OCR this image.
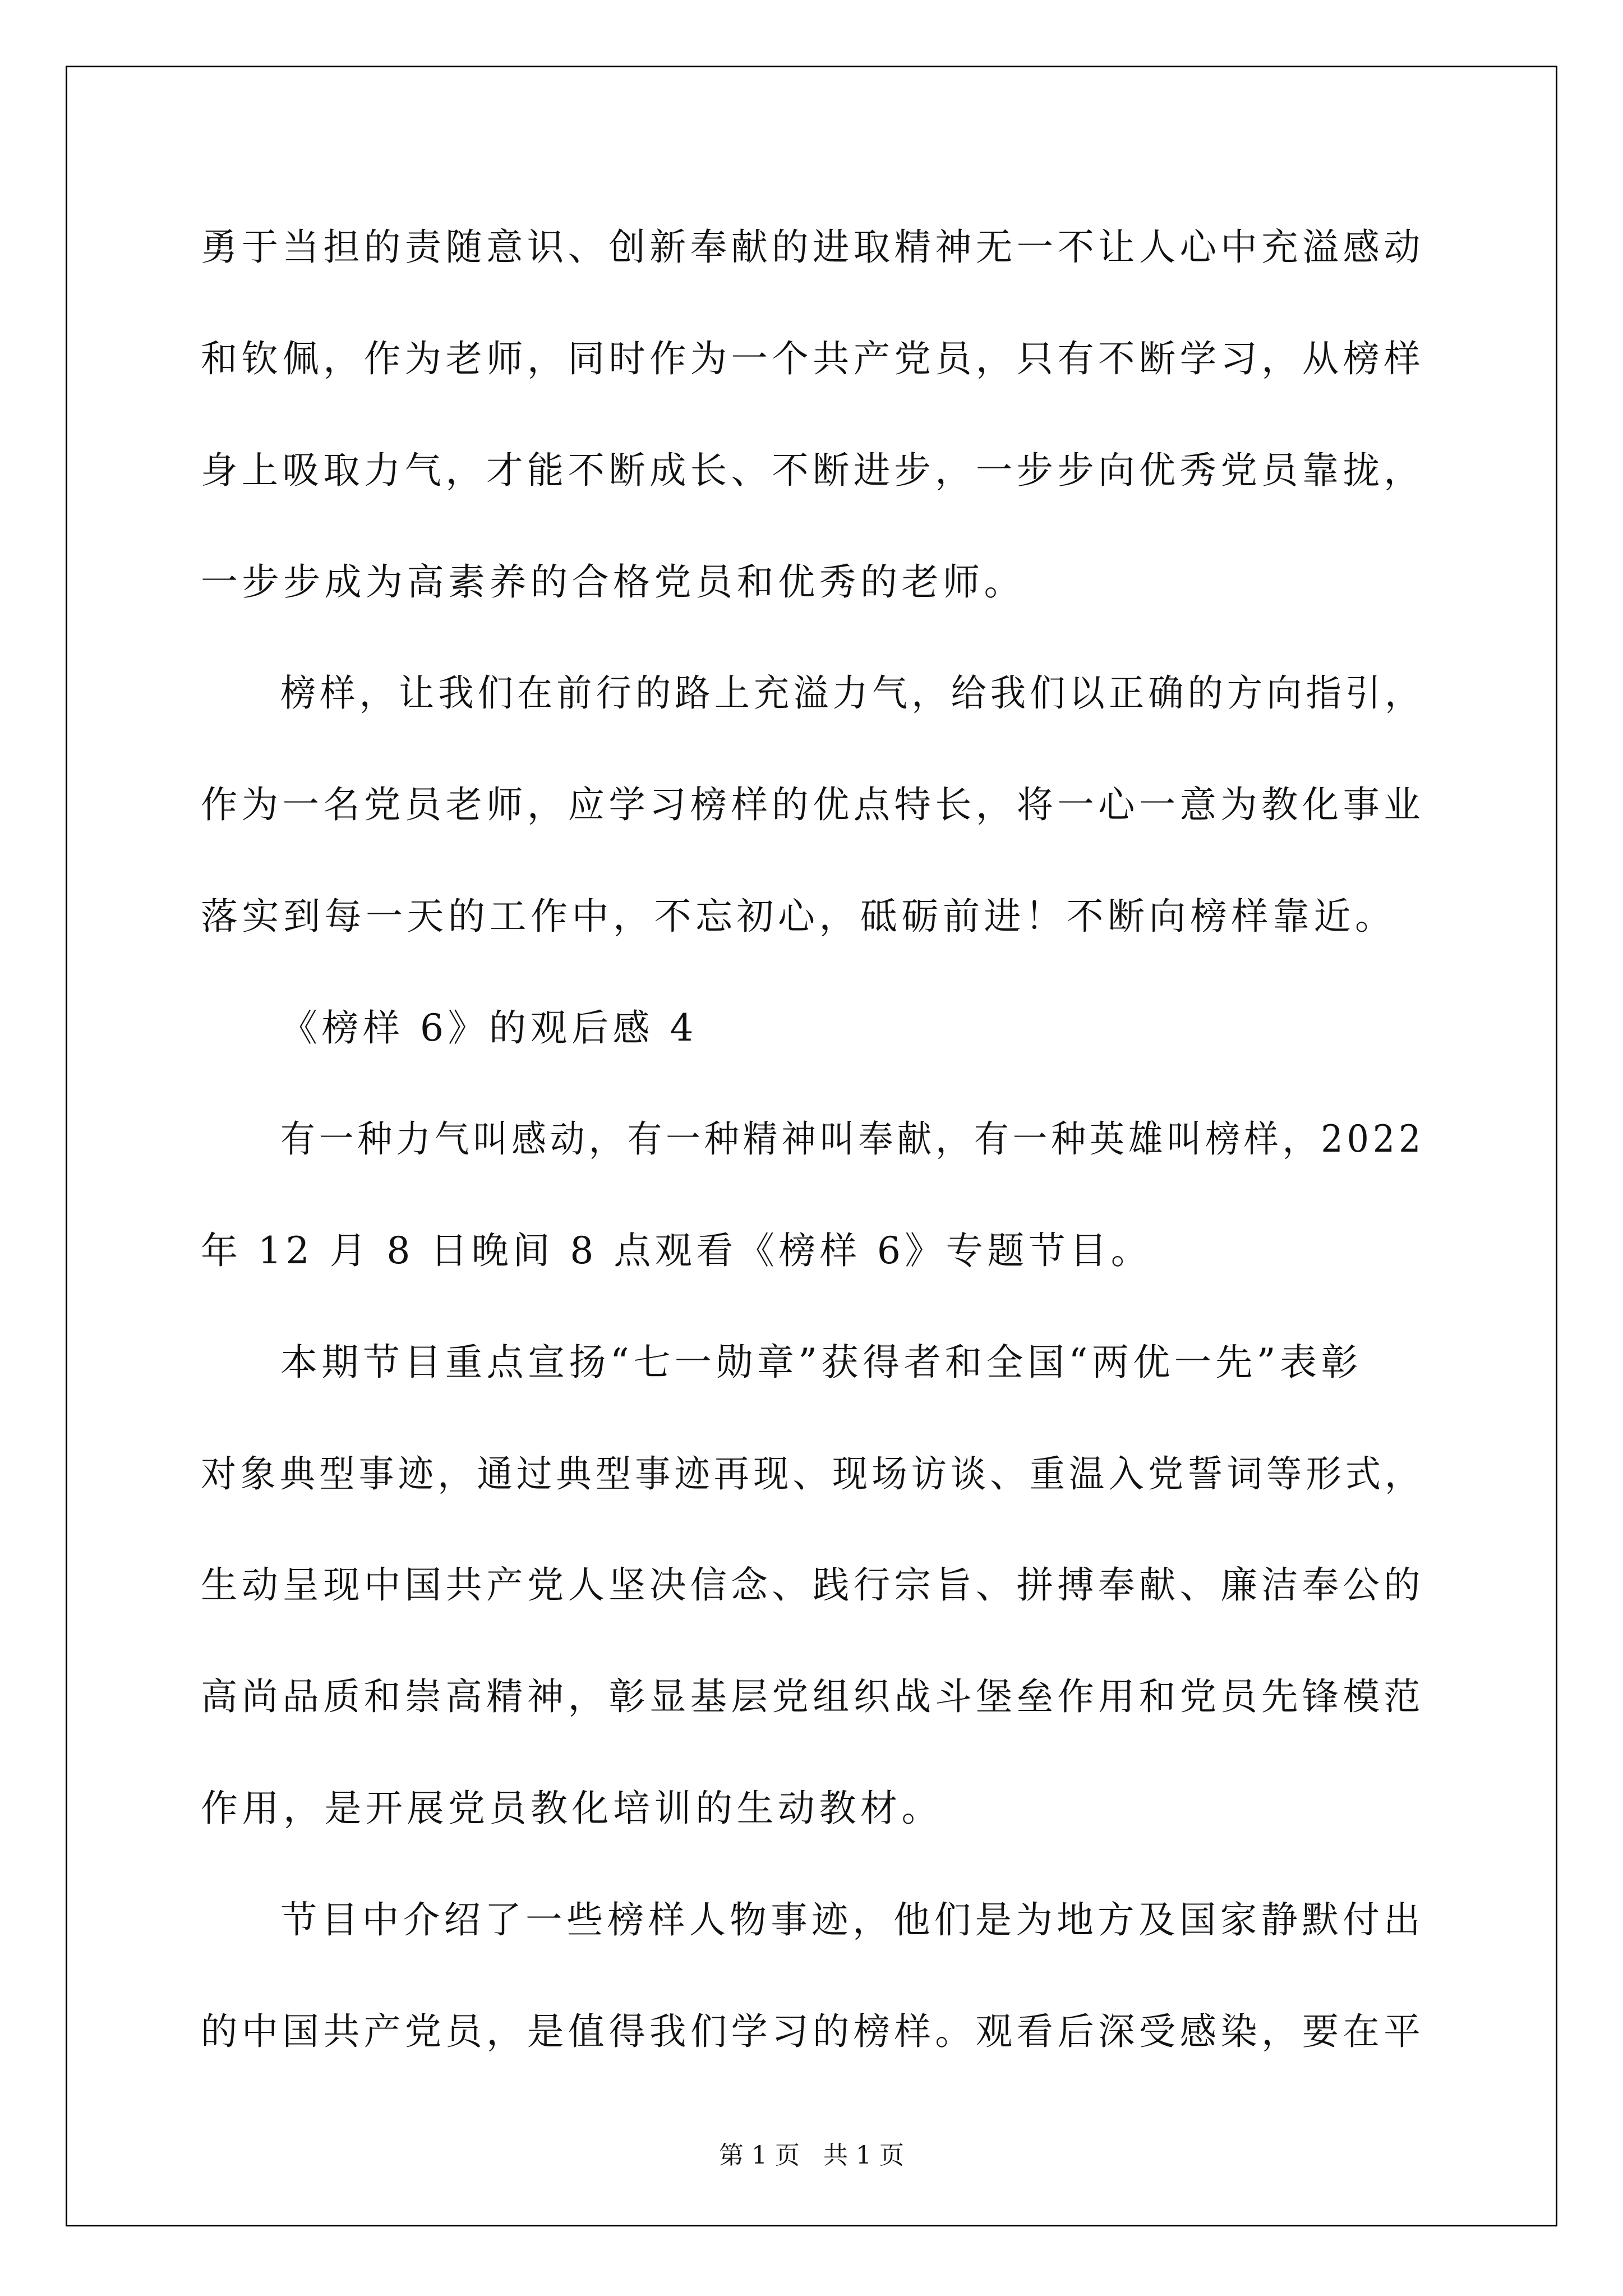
勇于当担的责随意识、创新奉献的进取精神无一不让人心中充溢感动
和钦佩，作为老师，同时作为一个共产党员，只有不断学习，从榜样
身上吸取力气，才能不断成长、不断进步，一步步向优秀党员靠拢，
一步步成为高素养的合格党员和优秀的老师。
榜样，让我们在前行的路上充溢力气，给我们以正确的方向指引，
作为一名党员老师，应学习榜样的优点特长，将一心一意为教化事业
落实到每一天的工作中，不忘初心，砥砺前进！不断向榜样靠近。
《榜样 6》的观后感 4
有一种力气叫感动，有一种精神叫奉献，有一种英雄叫榜样，2022
年 12 月 8 日晚间 8 点观看《榜样 6》专题节目。
本期节目重点宣扬“七一勋章”获得者和全国“两优一先”表彰
对象典型事迹，通过典型事迹再现、现场访谈、重温入党誓词等形式，
生动呈现中国共产党人坚决信念、践行宗旨、拼搏奉献、廉洁奉公的
高尚品质和崇高精神，彰显基层党组织战斗堡垒作用和党员先锋模范
作用，是开展党员教化培训的生动教材。
节目中介绍了一些榜样人物事迹，他们是为地方及国家静默付出
的中国共产党员，是值得我们学习的榜样。观看后深受感染，要在平
第 1 页   共 1 页
